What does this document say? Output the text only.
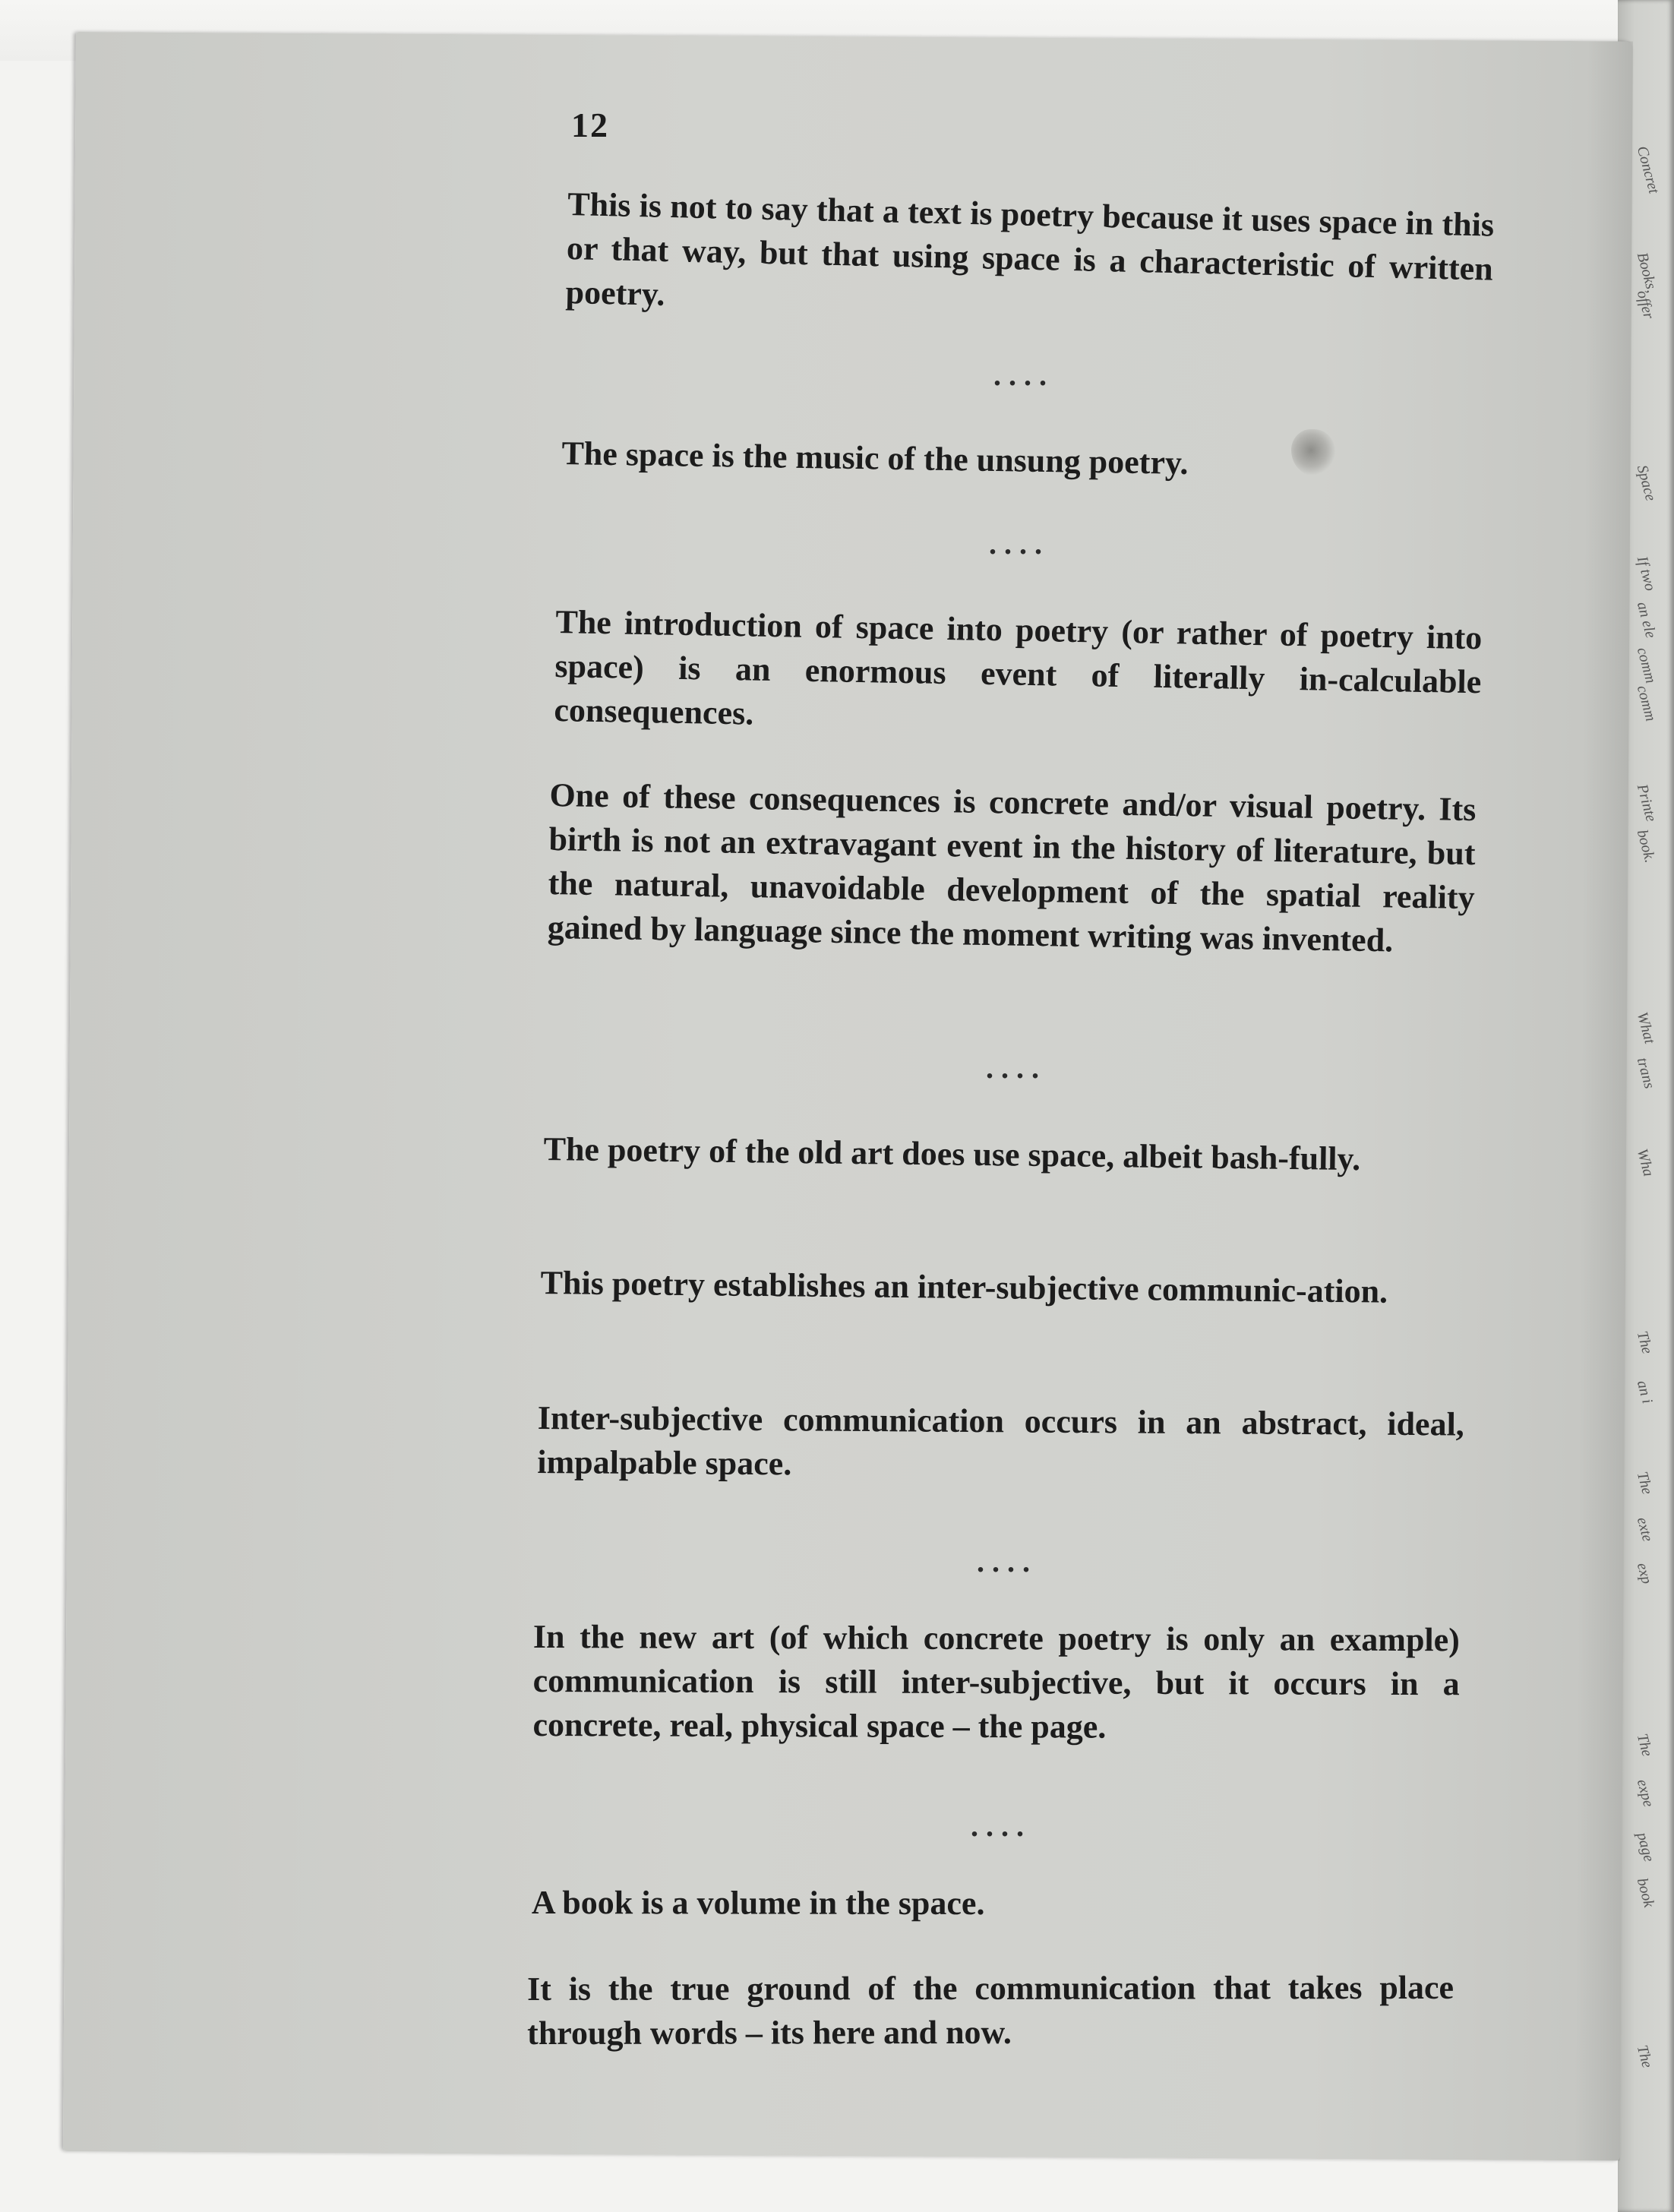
Concret
Books,
offer
Space
If two
an ele
comm
comm
Printe
book.
What
trans
Wha
The
an i
The
exte
exp
The
expe
page
book
The
12
This is not to say that a text is poetry because it uses space in this or that way, but that using space is a characteristic of written poetry.
....
The space is the music of the unsung poetry.
....
The introduction of space into poetry (or rather of poetry into space) is an enormous event of literally in-calculable consequences.
One of these consequences is concrete and/or visual poetry. Its birth is not an extravagant event in the history of literature, but the natural, unavoidable development of the spatial reality gained by language since the moment writing was invented.
....
The poetry of the old art does use space, albeit bash-fully.
This poetry establishes an inter-subjective communic-ation.
Inter-subjective communication occurs in an abstract, ideal, impalpable space.
....
In the new art (of which concrete poetry is only an example) communication is still inter-subjective, but it occurs in a concrete, real, physical space – the page.
....
A book is a volume in the space.
It is the true ground of the communication that takes place through words – its here and now.
